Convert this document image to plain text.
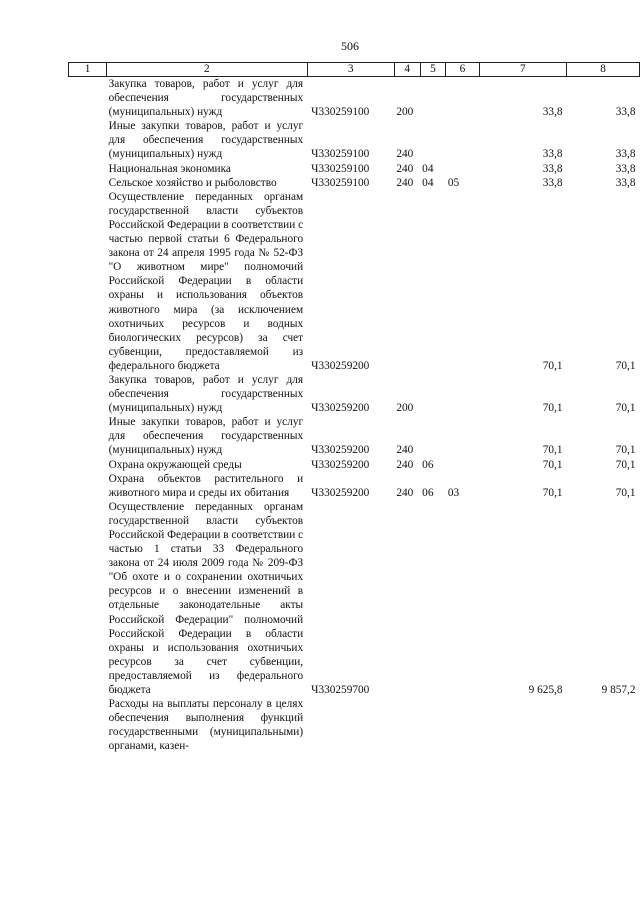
506
1	2	3	4	5	6	7	8
	Закупка товаров, работ и услуг для обеспечения государственных (муниципальных) нужд	Ч330259100	200			33,8	33,8
	Иные закупки товаров, работ и услуг для обеспечения государственных (муниципальных) нужд	Ч330259100	240			33,8	33,8
	Национальная экономика	Ч330259100	240	04		33,8	33,8
	Сельское хозяйство и рыболовство	Ч330259100	240	04	05	33,8	33,8
	Осуществление переданных органам государственной власти субъектов Российской Федерации в соответствии с частью первой статьи 6 Федерального закона от 24 апреля 1995 года № 52-ФЗ "О животном мире" полномочий Российской Федерации в области охраны и использования объектов животного мира (за исключением охотничьих ресурсов и водных биологических ресурсов) за счет субвенции, предоставляемой из федерального бюджета	Ч330259200				70,1	70,1
	Закупка товаров, работ и услуг для обеспечения государственных (муниципальных) нужд	Ч330259200	200			70,1	70,1
	Иные закупки товаров, работ и услуг для обеспечения государственных (муниципальных) нужд	Ч330259200	240			70,1	70,1
	Охрана окружающей среды	Ч330259200	240	06		70,1	70,1
	Охрана объектов растительного и животного мира и среды их обитания	Ч330259200	240	06	03	70,1	70,1
	Осуществление переданных органам государственной власти субъектов Российской Федерации в соответствии с частью 1 статьи 33 Федерального закона от 24 июля 2009 года № 209-ФЗ "Об охоте и о сохранении охотничьих ресурсов и о внесении изменений в отдельные законодательные акты Российской Федерации" полномочий Российской Федерации в области охраны и использования охотничьих ресурсов за счет субвенции, предоставляемой из федерального бюджета	Ч330259700				9 625,8	9 857,2
	Расходы на выплаты персоналу в целях обеспечения выполнения функций государственными (муниципальными) органами, казен-						
